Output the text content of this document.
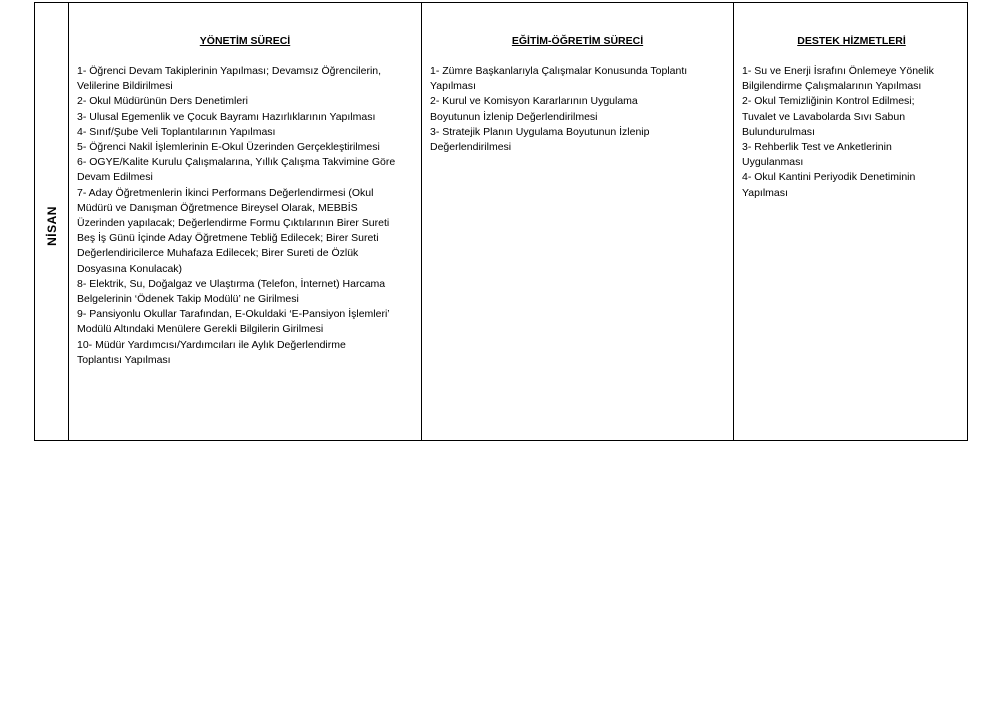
NİSAN
YÖNETİM SÜRECİ
1- Öğrenci Devam Takiplerinin Yapılması; Devamsız Öğrencilerin,
Velilerine Bildirilmesi
2- Okul Müdürünün Ders Denetimleri
3- Ulusal Egemenlik ve Çocuk Bayramı Hazırlıklarının Yapılması
4- Sınıf/Şube Veli Toplantılarının Yapılması
5- Öğrenci Nakil İşlemlerinin E-Okul Üzerinden Gerçekleştirilmesi
6- OGYE/Kalite Kurulu Çalışmalarına, Yıllık Çalışma Takvimine Göre
Devam Edilmesi
7- Aday Öğretmenlerin İkinci Performans Değerlendirmesi (Okul
Müdürü ve Danışman Öğretmence Bireysel Olarak, MEBBİS
Üzerinden yapılacak; Değerlendirme Formu Çıktılarının Birer Sureti
Beş İş Günü İçinde Aday Öğretmene Tebliğ Edilecek; Birer Sureti
Değerlendiricilerce Muhafaza Edilecek; Birer Sureti de Özlük
Dosyasına Konulacak)
8- Elektrik, Su, Doğalgaz ve Ulaştırma (Telefon, İnternet) Harcama
Belgelerinin ‘Ödenek Takip Modülü’ ne Girilmesi
9- Pansiyonlu Okullar Tarafından, E-Okuldaki ‘E-Pansiyon İşlemleri’
Modülü Altındaki Menülere Gerekli Bilgilerin Girilmesi
10- Müdür Yardımcısı/Yardımcıları ile Aylık Değerlendirme
Toplantısı Yapılması
EĞİTİM-ÖĞRETİM SÜRECİ
1- Zümre Başkanlarıyla Çalışmalar Konusunda Toplantı
Yapılması
2- Kurul ve Komisyon Kararlarının Uygulama
Boyutunun İzlenip Değerlendirilmesi
3- Stratejik Planın Uygulama Boyutunun İzlenip
Değerlendirilmesi
DESTEK HİZMETLERİ
1- Su ve Enerji İsrafını Önlemeye Yönelik
Bilgilendirme Çalışmalarının Yapılması
2- Okul Temizliğinin Kontrol Edilmesi;
Tuvalet ve Lavabolarda Sıvı Sabun
Bulundurulması
3- Rehberlik Test ve Anketlerinin
Uygulanması
4- Okul Kantini Periyodik Denetiminin
Yapılması
